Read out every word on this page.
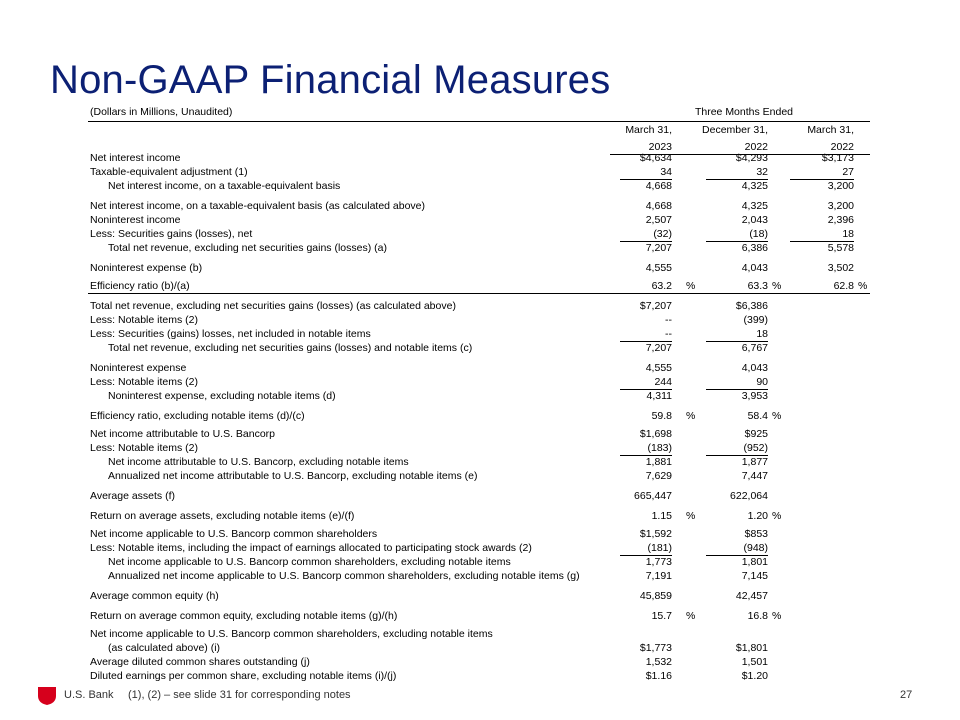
Non-GAAP Financial Measures
(Dollars in Millions, Unaudited)	Three Months Ended
March 31,	December 31,	March 31,
2023	2022	2022
Net interest income	$4,634	$4,293	$3,173
Taxable-equivalent adjustment (1)	34	32	27
Net interest income, on a taxable-equivalent basis	4,668	4,325	3,200
Net interest income, on a taxable-equivalent basis (as calculated above)	4,668	4,325	3,200
Noninterest income	2,507	2,043	2,396
Less: Securities gains (losses), net	(32)	(18)	18
Total net revenue, excluding net securities gains (losses) (a)	7,207	6,386	5,578
Noninterest expense (b)	4,555	4,043	3,502
Efficiency ratio (b)/(a)	63.2 %	63.3 %	62.8 %
Total net revenue, excluding net securities gains (losses) (as calculated above)	$7,207	$6,386
Less: Notable items (2)	--	(399)
Less: Securities (gains) losses, net included in notable items	--	18
Total net revenue, excluding net securities gains (losses) and notable items (c)	7,207	6,767
Noninterest expense	4,555	4,043
Less: Notable items (2)	244	90
Noninterest expense, excluding notable items (d)	4,311	3,953
Efficiency ratio, excluding notable items (d)/(c)	59.8 %	58.4 %
Net income attributable to U.S. Bancorp	$1,698	$925
Less: Notable items (2)	(183)	(952)
Net income attributable to U.S. Bancorp, excluding notable items	1,881	1,877
Annualized net income attributable to U.S. Bancorp, excluding notable items (e)	7,629	7,447
Average assets (f)	665,447	622,064
Return on average assets, excluding notable items (e)/(f)	1.15 %	1.20 %
Net income applicable to U.S. Bancorp common shareholders	$1,592	$853
Less: Notable items, including the impact of earnings allocated to participating stock awards (2)	(181)	(948)
Net income applicable to U.S. Bancorp common shareholders, excluding notable items	1,773	1,801
Annualized net income applicable to U.S. Bancorp common shareholders, excluding notable items (g)	7,191	7,145
Average common equity (h)	45,859	42,457
Return on average common equity, excluding notable items (g)/(h)	15.7 %	16.8 %
Net income applicable to U.S. Bancorp common shareholders, excluding notable items
(as calculated above) (i)	$1,773	$1,801
Average diluted common shares outstanding (j)	1,532	1,501
Diluted earnings per common share, excluding notable items (i)/(j)	$1.16	$1.20
U.S. Bank (1), (2) – see slide 31 for corresponding notes	27
